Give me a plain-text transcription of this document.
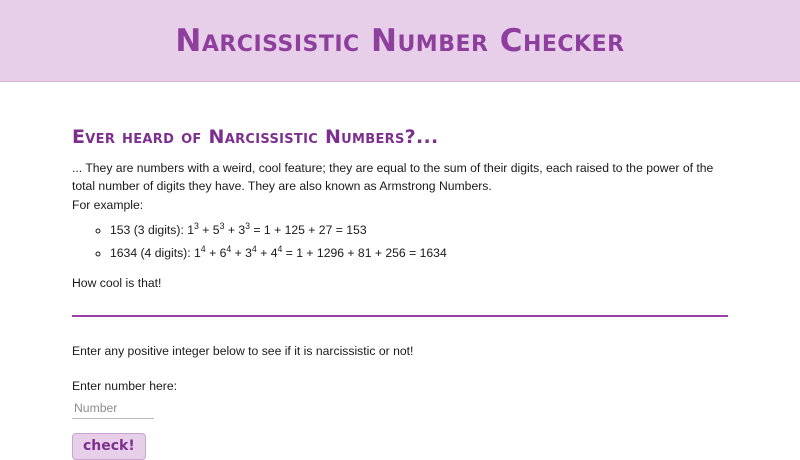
Narcissistic Number Checker
Ever heard of Narcissistic Numbers?...

... They are numbers with a weird, cool feature; they are equal to the sum of their digits, each raised to the power of the total number of digits they have. They are also known as Armstrong Numbers.

For example:

◦ 153 (3 digits): $1^3 + 5^3 + 3^3 = 1 + 125 + 27 = 153$
◦ 1634 (4 digits): $1^4 + 6^4 + 3^4 + 4^4 = 1 + 1296 + 81 + 256 = 1634$

How cool is that!

Enter any positive integer below to see if it is narcissistic or not!

Enter number here:
Number
check!
